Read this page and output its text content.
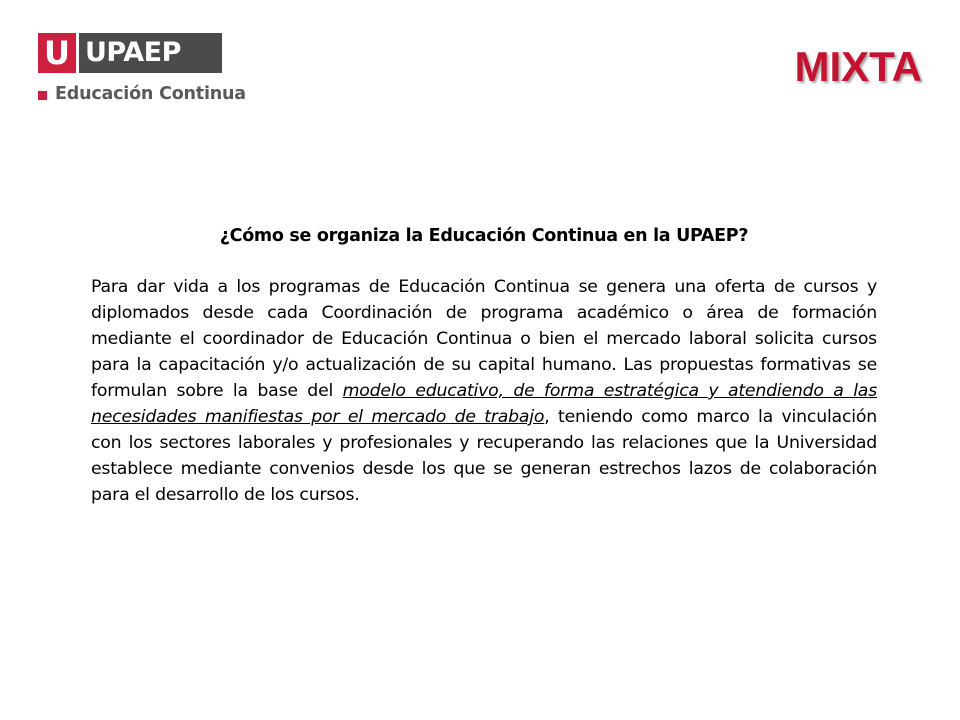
U UPAEP
Educación Continua
MIXTA
¿Cómo se organiza la Educación Continua en la UPAEP?

Para dar vida a los programas de Educación Continua se genera una oferta de cursos y diplomados desde cada Coordinación de programa académico o área de formación mediante el coordinador de Educación Continua o bien el mercado laboral solicita cursos para la capacitación y/o actualización de su capital humano. Las propuestas formativas se formulan sobre la base del modelo educativo, de forma estratégica y atendiendo a las necesidades manifiestas por el mercado de trabajo, teniendo como marco la vinculación con los sectores laborales y profesionales y recuperando las relaciones que la Universidad establece mediante convenios desde los que se generan estrechos lazos de colaboración para el desarrollo de los cursos.
